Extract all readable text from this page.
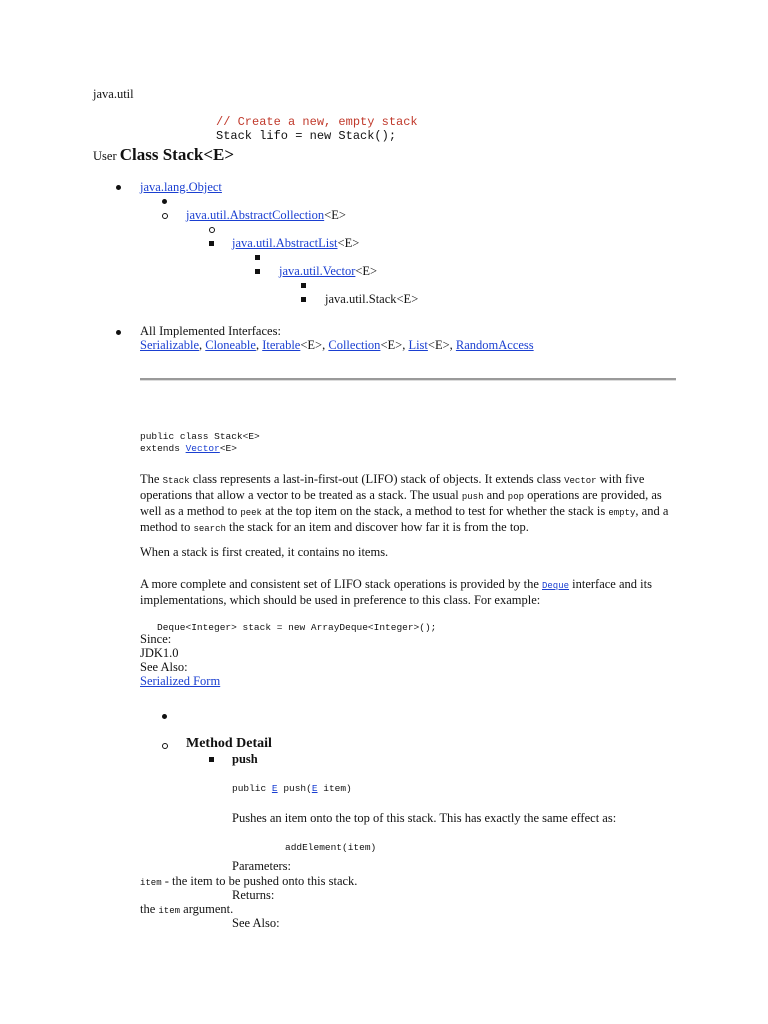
java.util
// Create a new, empty stack
Stack lifo = new Stack();
User Class Stack<E>
java.lang.Object
java.util.AbstractCollection<E>
java.util.AbstractList<E>
java.util.Vector<E>
java.util.Stack<E>
All Implemented Interfaces:
Serializable, Cloneable, Iterable<E>, Collection<E>, List<E>, RandomAccess
public class Stack<E>
extends Vector<E>
The Stack class represents a last-in-first-out (LIFO) stack of objects. It extends class Vector with five operations that allow a vector to be treated as a stack. The usual push and pop operations are provided, as well as a method to peek at the top item on the stack, a method to test for whether the stack is empty, and a method to search the stack for an item and discover how far it is from the top.
When a stack is first created, it contains no items.
A more complete and consistent set of LIFO stack operations is provided by the Deque interface and its implementations, which should be used in preference to this class. For example:
Deque<Integer> stack = new ArrayDeque<Integer>();
Since:
JDK1.0
See Also:
Serialized Form
Method Detail
push
public E push(E item)
Pushes an item onto the top of this stack. This has exactly the same effect as:
addElement(item)
Parameters:
item - the item to be pushed onto this stack.
Returns:
the item argument.
See Also:
